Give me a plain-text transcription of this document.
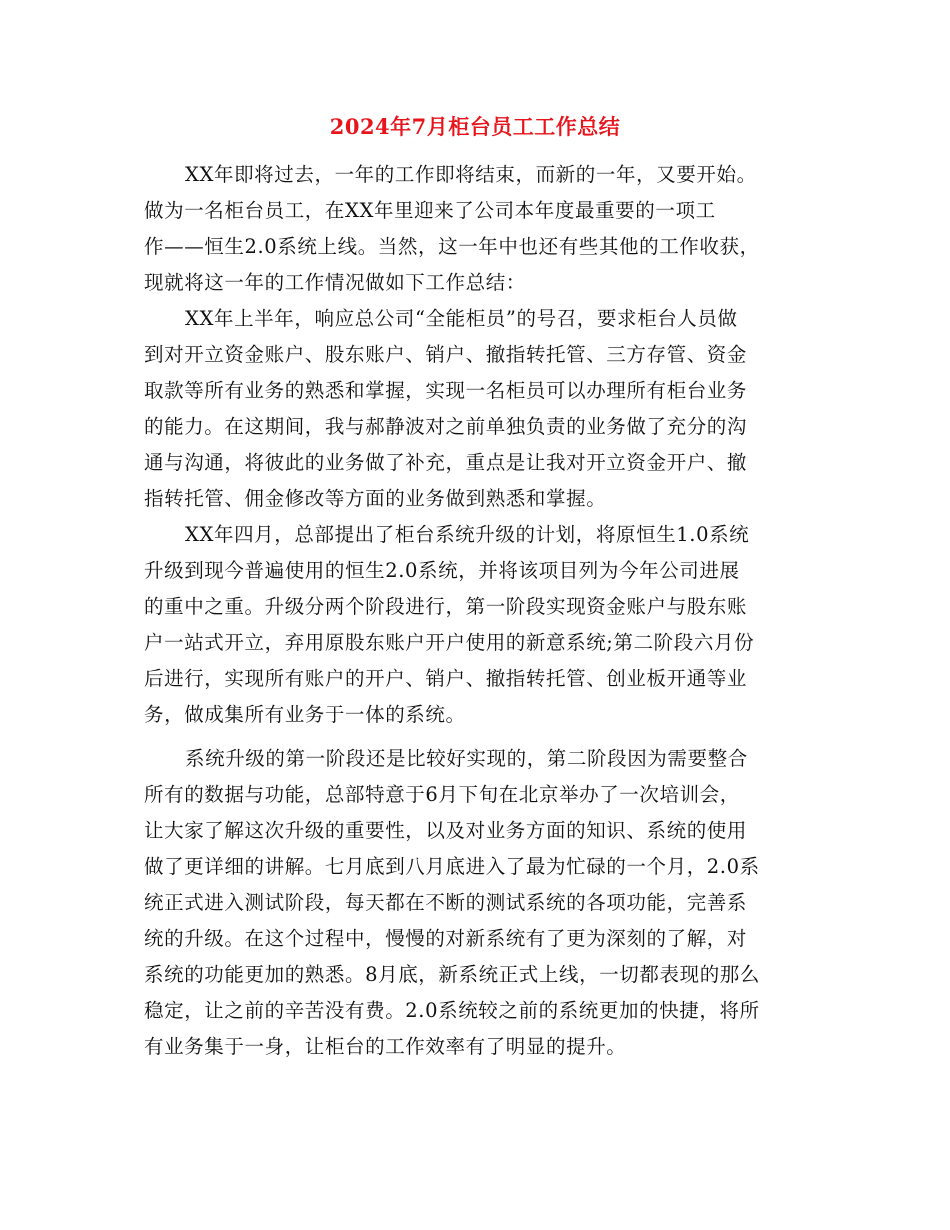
2024年7月柜台员工工作总结
XX年即将过去，一年的工作即将结束，而新的一年，又要开始。
做为一名柜台员工，在XX年里迎来了公司本年度最重要的一项工
作——恒生2.0系统上线。当然，这一年中也还有些其他的工作收获，
现就将这一年的工作情况做如下工作总结：
XX年上半年，响应总公司“全能柜员”的号召，要求柜台人员做
到对开立资金账户、股东账户、销户、撤指转托管、三方存管、资金
取款等所有业务的熟悉和掌握，实现一名柜员可以办理所有柜台业务
的能力。在这期间，我与郝静波对之前单独负责的业务做了充分的沟
通与沟通，将彼此的业务做了补充，重点是让我对开立资金开户、撤
指转托管、佣金修改等方面的业务做到熟悉和掌握。
XX年四月，总部提出了柜台系统升级的计划，将原恒生1.0系统
升级到现今普遍使用的恒生2.0系统，并将该项目列为今年公司进展
的重中之重。升级分两个阶段进行，第一阶段实现资金账户与股东账
户一站式开立，弃用原股东账户开户使用的新意系统;第二阶段六月份
后进行，实现所有账户的开户、销户、撤指转托管、创业板开通等业
务，做成集所有业务于一体的系统。
系统升级的第一阶段还是比较好实现的，第二阶段因为需要整合
所有的数据与功能，总部特意于6月下旬在北京举办了一次培训会，
让大家了解这次升级的重要性，以及对业务方面的知识、系统的使用
做了更详细的讲解。七月底到八月底进入了最为忙碌的一个月，2.0系
统正式进入测试阶段，每天都在不断的测试系统的各项功能，完善系
统的升级。在这个过程中，慢慢的对新系统有了更为深刻的了解，对
系统的功能更加的熟悉。8月底，新系统正式上线，一切都表现的那么
稳定，让之前的辛苦没有费。2.0系统较之前的系统更加的快捷，将所
有业务集于一身，让柜台的工作效率有了明显的提升。
